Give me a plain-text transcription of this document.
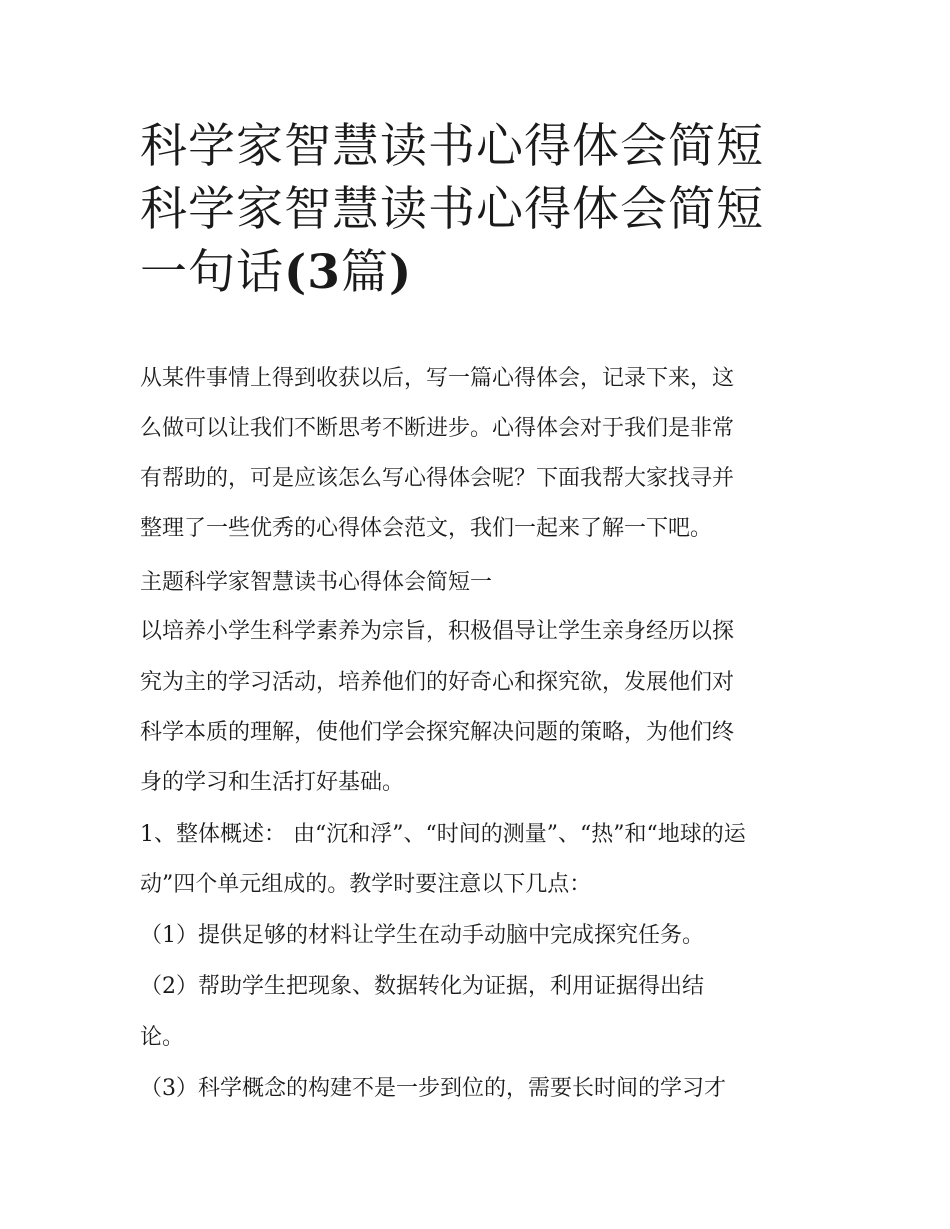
科学家智慧读书心得体会简短
科学家智慧读书心得体会简短
一句话(3篇)

从某件事情上得到收获以后，写一篇心得体会，记录下来，这

么做可以让我们不断思考不断进步。心得体会对于我们是非常

有帮助的，可是应该怎么写心得体会呢？下面我帮大家找寻并

整理了一些优秀的心得体会范文，我们一起来了解一下吧。

主题科学家智慧读书心得体会简短一

以培养小学生科学素养为宗旨，积极倡导让学生亲身经历以探

究为主的学习活动，培养他们的好奇心和探究欲，发展他们对

科学本质的理解，使他们学会探究解决问题的策略，为他们终

身的学习和生活打好基础。

1、整体概述： 由“沉和浮”、“时间的测量”、“热”和“地球的运

动”四个单元组成的。教学时要注意以下几点：

（1）提供足够的材料让学生在动手动脑中完成探究任务。

（2）帮助学生把现象、数据转化为证据，利用证据得出结

论。

（3）科学概念的构建不是一步到位的，需要长时间的学习才
